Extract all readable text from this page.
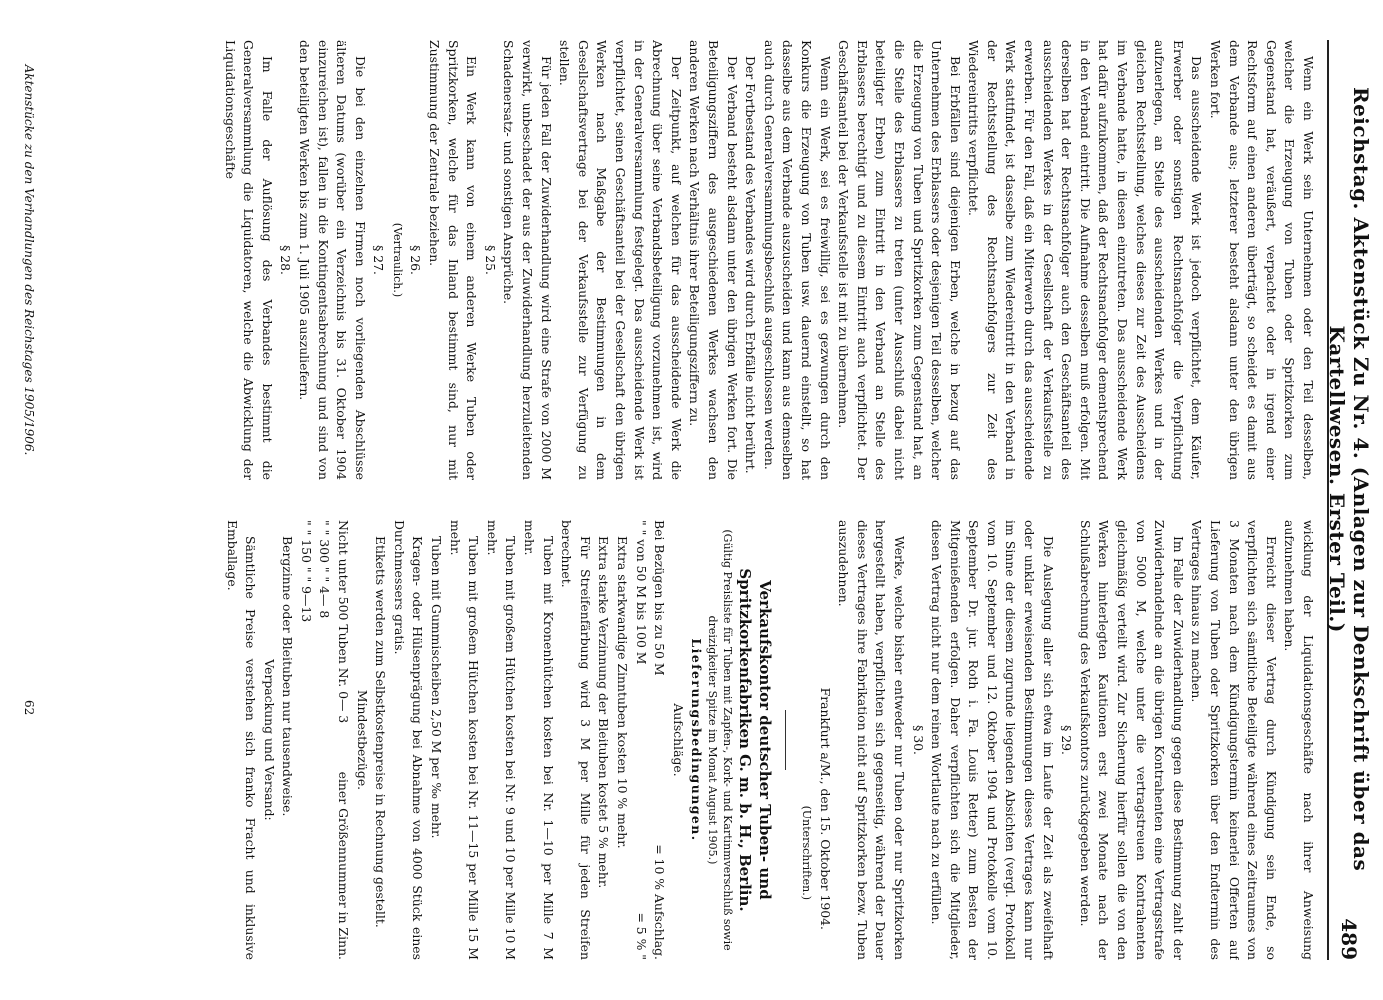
Reichstag. Aktenstück Zu Nr. 4. (Anlagen zur Denkschrift über das Kartellwesen. Erster Teil.)
489

Wenn ein Werk sein Unternehmen oder den Teil desselben, welcher die Erzeugung von Tuben oder Spritzkorken zum Gegenstand hat, veräußert, verpachtet oder in irgend einer Rechtsform auf einen anderen überträgt, so scheidet es damit aus dem Verbande aus; letzterer besteht alsdann unter den übrigen Werken fort.

Das ausscheidende Werk ist jedoch verpflichtet, dem Käufer, Erwerber oder sonstigen Rechtsnachfolger die Verpflichtung aufzuerlegen, an Stelle des ausscheidenden Werkes und in der gleichen Rechtsstellung, welches dieses zur Zeit des Ausscheidens im Verbande hatte, in diesen einzutreten. Das ausscheidende Werk hat dafür aufzukommen, daß der Rechtsnachfolger dementsprechend in den Verband eintritt. Die Aufnahme desselben muß erfolgen. Mit derselben hat der Rechtsnachfolger auch den Geschäftsanteil des ausscheidenden Werkes in der Gesellschaft der Verkaufsstelle zu erwerben. Für den Fall, daß ein Miterwerb durch das ausscheidende Werk stattfindet, ist dasselbe zum Wiedereintritt in den Verband in der Rechtsstellung des Rechtsnachfolgers zur Zeit des Wiedereintritts verpflichtet.

Bei Erbfällen sind diejenigen Erben, welche in bezug auf das Unternehmen des Erblassers oder desjenigen Teil desselben, welcher die Erzeugung von Tuben und Spritzkorken zum Gegenstand hat, an die Stelle des Erblassers zu treten (unter Ausschluß dabei nicht beteiligter Erben) zum Eintritt in den Verband an Stelle des Erblassers berechtigt und zu diesem Eintritt auch verpflichtet. Der Geschäftsanteil bei der Verkaufsstelle ist mit zu übernehmen.

Wenn ein Werk, sei es freiwillig, sei es gezwungen durch den Konkurs die Erzeugung von Tuben usw. dauernd einstellt, so hat dasselbe aus dem Verbande auszuscheiden und kann aus demselben auch durch Generalversammlungsbeschluß ausgeschlossen werden.

Der Fortbestand des Verbandes wird durch Erbfälle nicht berührt.

Der Verband besteht alsdann unter den übrigen Werken fort. Die Beteiligungsziffern des ausgeschiedenen Werkes wachsen den anderen Werken nach Verhältnis ihrer Beteiligungsziffern zu.

Der Zeitpunkt, auf welchen für das ausscheidende Werk die Abrechnung über seine Verbandsbeteiligung vorzunehmen ist, wird in der Generalversammlung festgelegt. Das ausscheidende Werk ist verpflichtet, seinen Geschäftsanteil bei der Gesellschaft den übrigen Werken nach Maßgabe der Bestimmungen in dem Gesellschaftsvertrage bei der Verkaufsstelle zur Verfügung zu stellen.

Für jeden Fall der Zuwiderhandlung wird eine Strafe von 2000 M verwirkt, unbeschadet der aus der Zuwiderhandlung herzuleitenden Schadenersatz- und sonstigen Ansprüche.

§ 25.

Ein Werk kann von einem anderen Werke Tuben oder Spritzkorken, welche für das Inland bestimmt sind, nur mit Zustimmung der Zentrale beziehen.

§ 26.

(Vertraulich.)

§ 27.

Die bei den einzelnen Firmen noch vorliegenden Abschlüsse älteren Datums (worüber ein Verzeichnis bis 31. Oktober 1904 einzureichen ist), fallen in die Kontingentsabrechnung und sind von den beteiligten Werken bis zum 1. Juli 1905 auszuliefern.

§ 28.

Im Falle der Auflösung des Verbandes bestimmt die Generalversammlung die Liquidatoren, welche die Abwicklung der Liquidationsgeschäfte

wicklung der Liquidationsgeschäfte nach ihrer Anweisung aufzunehmen haben.

Erreicht dieser Vertrag durch Kündigung sein Ende, so verpflichten sich sämtliche Beteiligte während eines Zeitraumes von 3 Monaten nach dem Kündigungstermin keinerlei Offerten auf Lieferung von Tuben oder Spritzkorken über den Endtermin des Vertrages hinaus zu machen.

Im Falle der Zuwiderhandlung gegen diese Bestimmung zahlt der Zuwiderhandelnde an die übrigen Kontrahenten eine Vertragsstrafe von 5000 M, welche unter die vertragstreuen Kontrahenten gleichmäßig verteilt wird. Zur Sicherung hierfür sollen die von den Werken hinterlegten Kautionen erst zwei Monate nach der Schlußabrechnung des Verkaufskontors zurückgegeben werden.

§ 29.

Die Auslegung aller sich etwa im Laufe der Zeit als zweifelhaft oder unklar erweisenden Bestimmungen dieses Vertrages kann nur im Sinne der diesem zugrunde liegenden Absichten (vergl. Protokoll vom 10. September und 12. Oktober 1904 und Protokolle vom 10. September Dr. jur. Roth i. Fa. Louis Retter) zum Besten der Mitgenießenden erfolgen. Daher verpflichten sich die Mitglieder, diesen Vertrag nicht nur dem reinen Wortlaute nach zu erfüllen.

§ 30.

Werke, welche bisher entweder nur Tuben oder nur Spritzkorken hergestellt haben, verpflichten sich gegenseitig, während der Dauer dieses Vertrages ihre Fabrikation nicht auf Spritzkorken bezw. Tuben auszudehnen.

Frankfurt a/M., den 15. Oktober 1904.

(Unterschriften.)

Verkaufskontor deutscher Tuben- und Spritzkorkenfabriken G. m. b. H., Berlin.

(Gültig Preisliste für Tuben mit Zapfen-, Kork- und Kartinmverschluß sowie dreizigkeiter Spitze im Monat August 1905.)

Lieferungsbedingungen.

Aufschläge.

Bei Bezügen bis zu 50 M
= 10 % Aufschlag.
" " von 50 M bis 100 M
= 5 % "

Extra starkwandige Zinntuben kosten 10 % mehr.

Extra starke Verzinnung der Bleituben kostet 5 % mehr.

Für Streifenfärbung wird 3 M per Mille für jeden Streifen berechnet.

Tuben mit Kronenhütchen kosten bei Nr. 1—10 per Mille 7 M mehr.

Tuben mit großem Hütchen kosten bei Nr. 9 und 10 per Mille 10 M mehr.

Tuben mit großem Hütchen kosten bei Nr. 11—15 per Mille 15 M mehr.

Tuben mit Gummischeiben 2,50 M per ‰ mehr.

Kragen- oder Hülsenprägung bei Abnahme von 4000 Stück eines Durchmessers gratis.

Etiketts werden zum Selbstkostenpreise in Rechnung gestellt.

Mindestbezüge.

Nicht unter 500 Tuben Nr. 0— 3
einer Größennummer in Zinn.
" " 300 " " 4— 8
" " 150 " " 9—13

Bergzinne oder Bleituben nur tausendweise.

Verpackung und Versand:

Sämtliche Preise verstehen sich franko Fracht und inklusive Emballage.

Aktenstücke zu den Verhandlungen des Reichstages 1905/1906.
62
